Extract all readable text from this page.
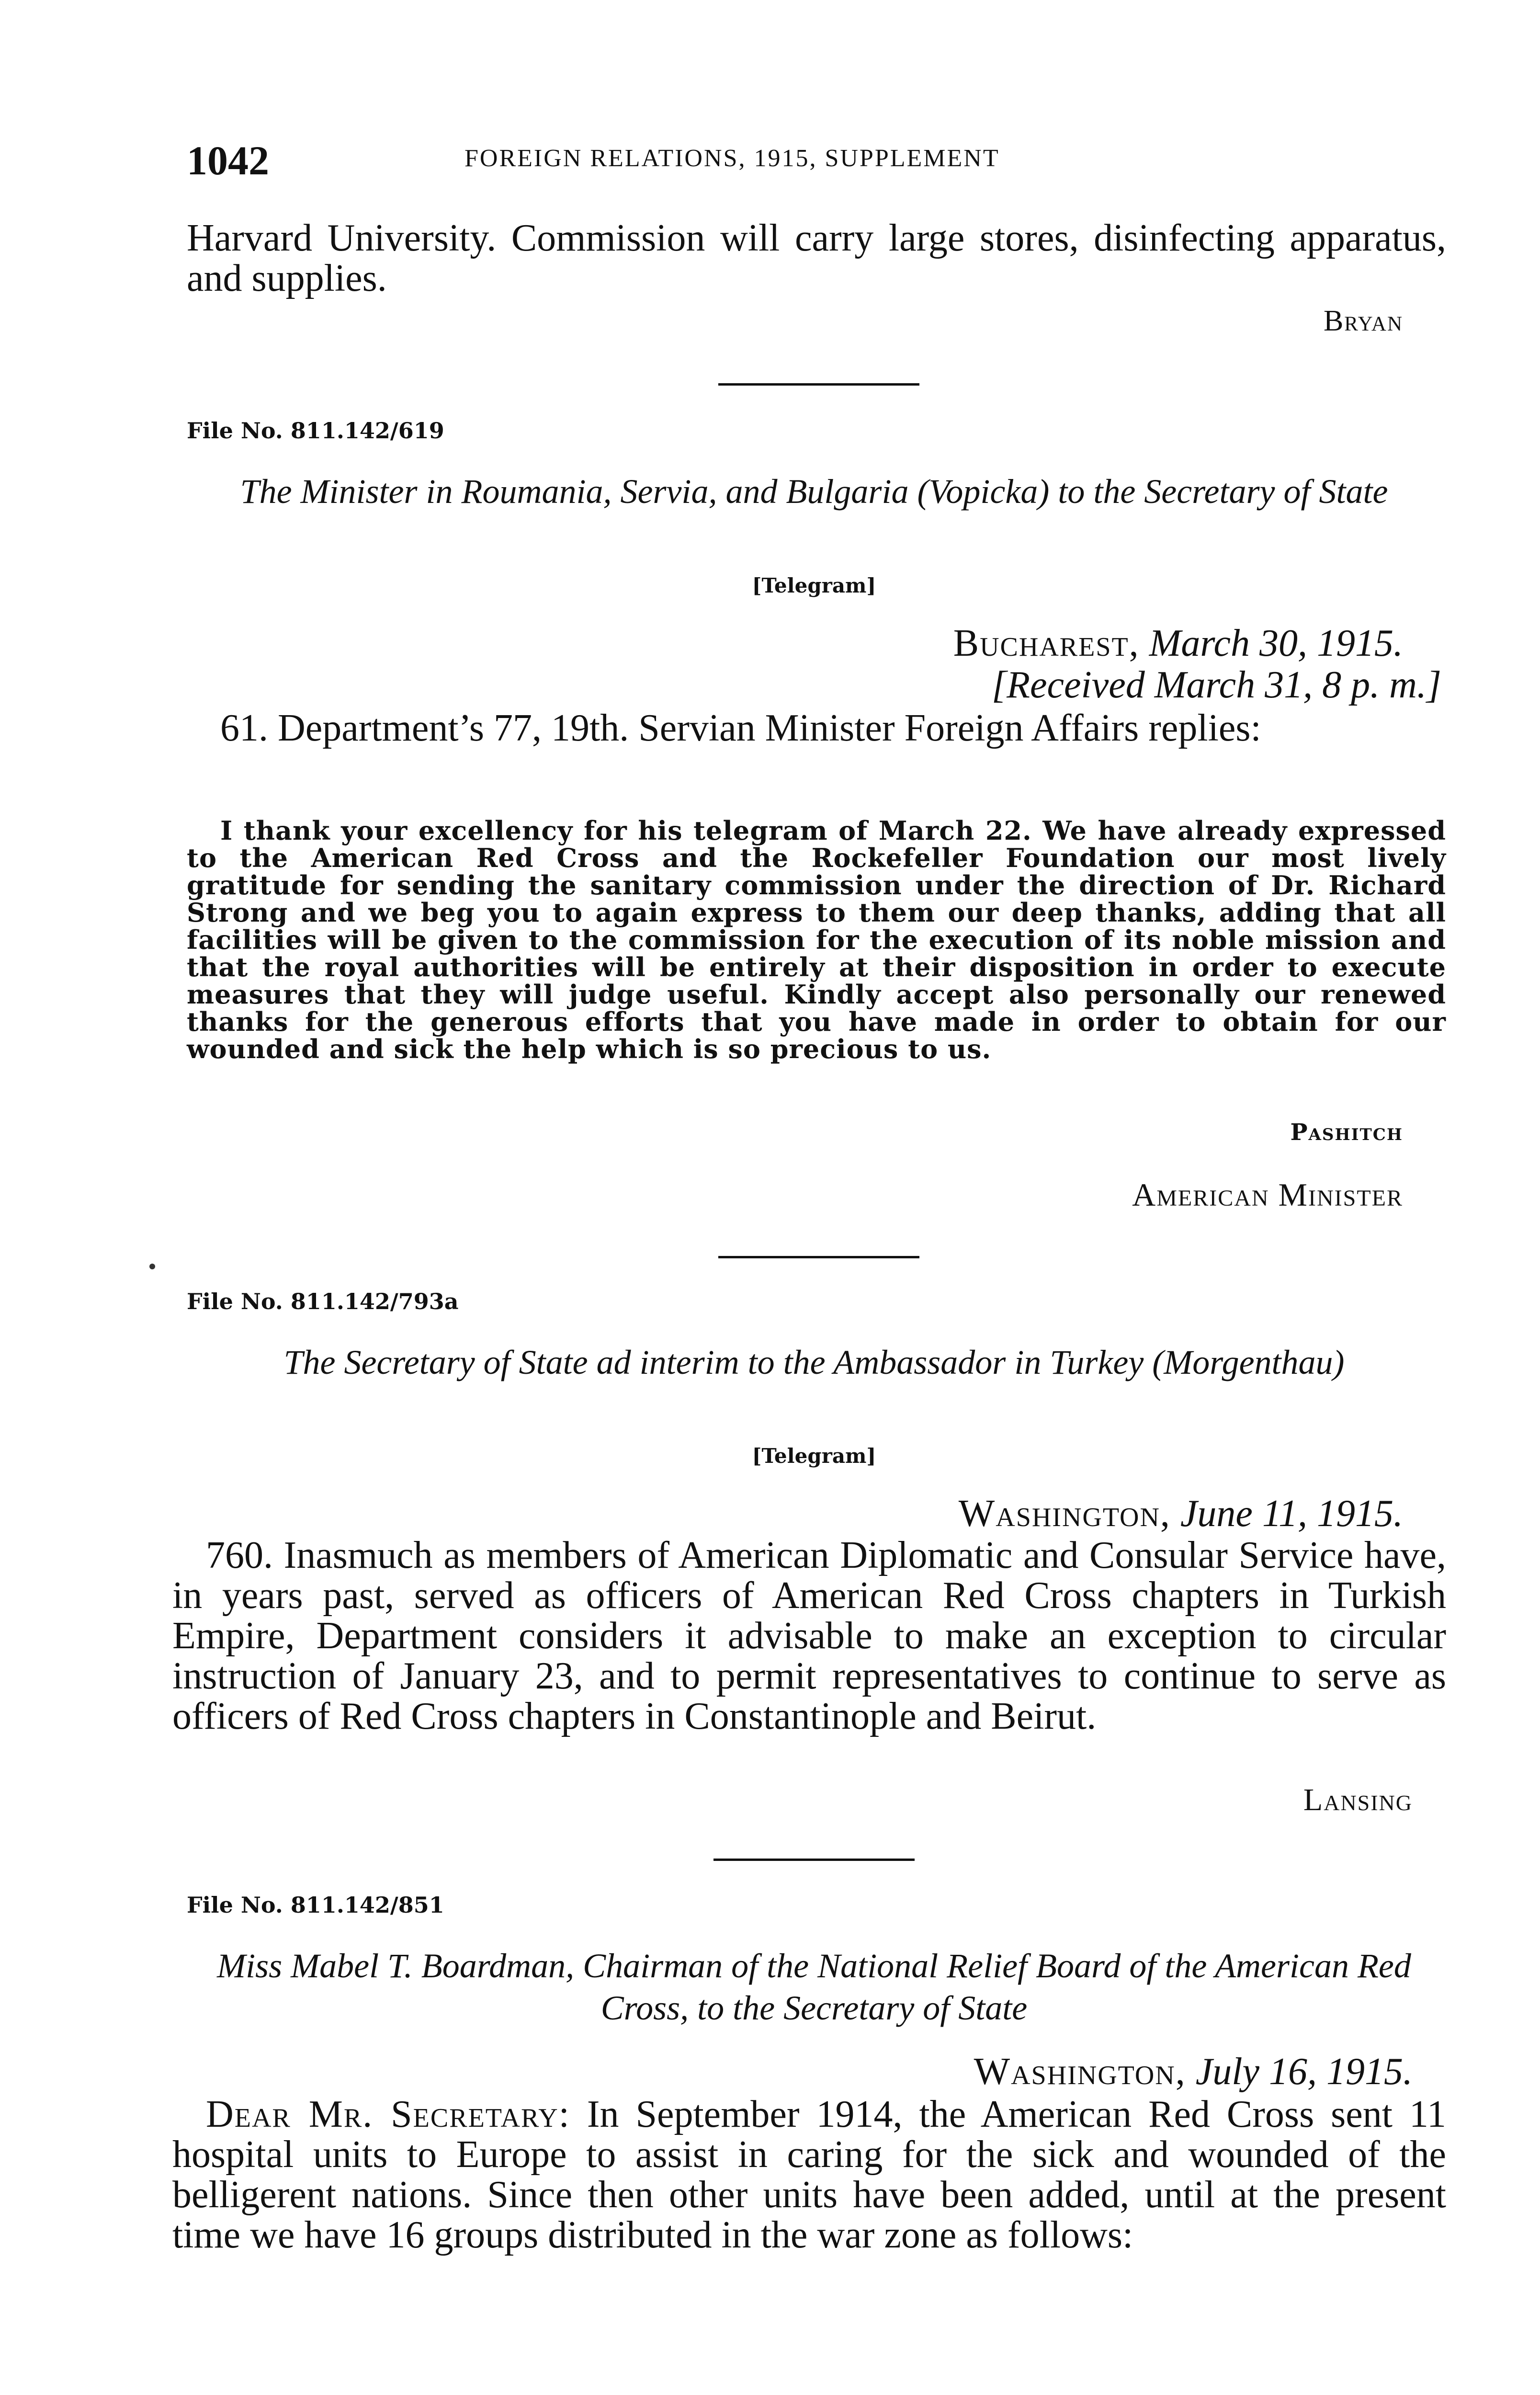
1042	FOREIGN RELATIONS, 1915, SUPPLEMENT

Harvard University. Commission will carry large stores, disinfecting apparatus, and supplies.

Bryan

File No. 811.142/619

The Minister in Roumania, Servia, and Bulgaria (Vopicka) to the Secretary of State

[Telegram]

Bucharest, March 30, 1915.

[Received March 31, 8 p. m.]

61. Department’s 77, 19th. Servian Minister Foreign Affairs replies:

I thank your excellency for his telegram of March 22. We have already expressed to the American Red Cross and the Rockefeller Foundation our most lively gratitude for sending the sanitary commission under the direction of Dr. Richard Strong and we beg you to again express to them our deep thanks, adding that all facilities will be given to the commission for the execution of its noble mission and that the royal authorities will be entirely at their disposition in order to execute measures that they will judge useful. Kindly accept also personally our renewed thanks for the generous efforts that you have made in order to obtain for our wounded and sick the help which is so precious to us.

Pashitch

American Minister

File No. 811.142/793a

The Secretary of State ad interim to the Ambassador in Turkey (Morgenthau)

[Telegram]

Washington, June 11, 1915.

760. Inasmuch as members of American Diplomatic and Consular Service have, in years past, served as officers of American Red Cross chapters in Turkish Empire, Department considers it advisable to make an exception to circular instruction of January 23, and to permit representatives to continue to serve as officers of Red Cross chapters in Constantinople and Beirut.

Lansing

File No. 811.142/851

Miss Mabel T. Boardman, Chairman of the National Relief Board of the American Red Cross, to the Secretary of State

Washington, July 16, 1915.

Dear Mr. Secretary: In September 1914, the American Red Cross sent 11 hospital units to Europe to assist in caring for the sick and wounded of the belligerent nations. Since then other units have been added, until at the present time we have 16 groups distributed in the war zone as follows:
